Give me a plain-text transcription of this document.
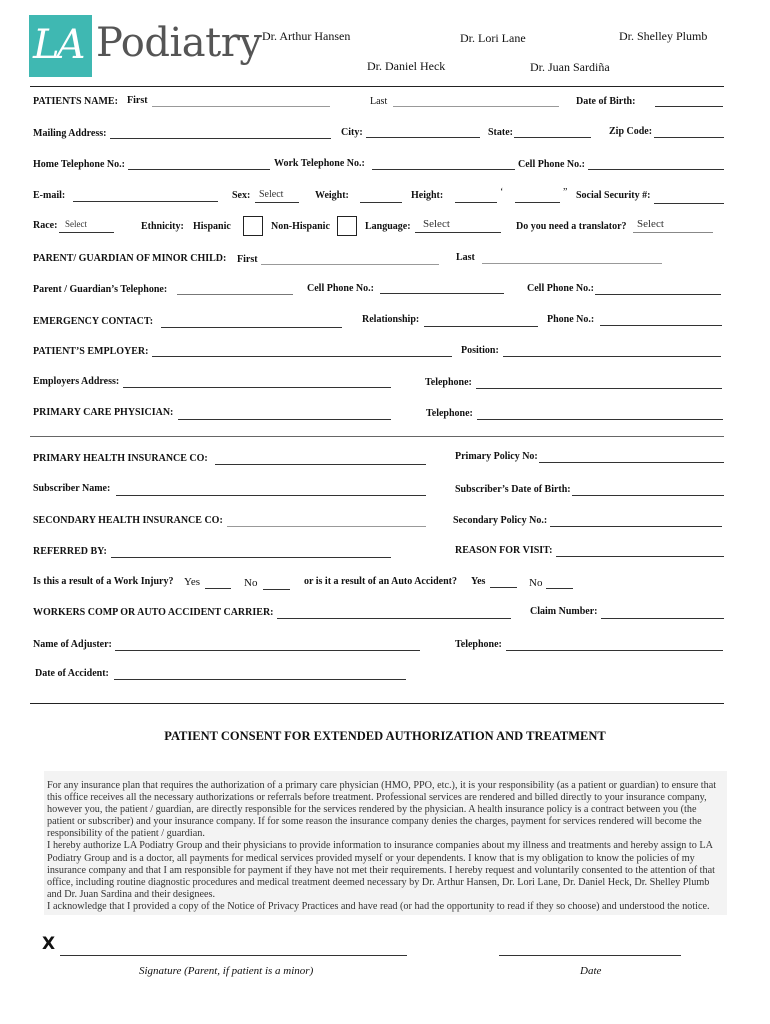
LA Podiatry Dr. Arthur Hansen	Dr. Lori Lane	Dr. Shelley Plumb
Dr. Daniel Heck	Dr. Juan Sardiña
PATIENTS NAME: First	Last	Date of Birth:
Mailing Address:	City:	State:	Zip Code:
Home Telephone No.:	Work Telephone No.:	Cell Phone No.:
E-mail:	Sex: Select	Weight:	Height:	‘	” Social Security #:
Race: Select	Ethnicity: Hispanic	Non-Hispanic	Language: Select	Do you need a translator? Select
PARENT/ GUARDIAN OF MINOR CHILD: First	Last
Parent / Guardian’s Telephone:	Cell Phone No.:	Cell Phone No.:
EMERGENCY CONTACT:	Relationship:	Phone No.:
PATIENT’S EMPLOYER:	Position:
Employers Address:	Telephone:
PRIMARY CARE PHYSICIAN:	Telephone:
PRIMARY HEALTH INSURANCE CO:	Primary Policy No:
Subscriber Name:	Subscriber’s Date of Birth:
SECONDARY HEALTH INSURANCE CO:	Secondary Policy No.:
REFERRED BY:	REASON FOR VISIT:
Is this a result of a Work Injury? Yes	No	or is it a result of an Auto Accident? Yes	No
WORKERS COMP OR AUTO ACCIDENT CARRIER:	Claim Number:
Name of Adjuster:	Telephone:
Date of Accident:
PATIENT CONSENT FOR EXTENDED AUTHORIZATION AND TREATMENT

For any insurance plan that requires the authorization of a primary care physician (HMO, PPO, etc.), it is your responsibility (as a patient or guardian) to ensure that this office receives all the necessary authorizations or referrals before treatment. Professional services are rendered and billed directly to your insurance company, however you, the patient / guardian, are directly responsible for the services rendered by the physician. A health insurance policy is a contract between you (the patient or subscriber) and your insurance company. If for some reason the insurance company denies the charges, payment for services rendered will become the responsibility of the patient / guardian.

I hereby authorize LA Podiatry Group and their physicians to provide information to insurance companies about my illness and treatments and hereby assign to LA Podiatry Group and is a doctor, all payments for medical services provided myself or your dependents. I know that is my obligation to know the policies of my insurance company and that I am responsible for payment if they have not met their requirements. I hereby request and voluntarily consented to the attention of that office, including routine diagnostic procedures and medical treatment deemed necessary by Dr. Arthur Hansen, Dr. Lori Lane, Dr. Daniel Heck, Dr. Shelley Plumb and Dr. Juan Sardina and their designees.

I acknowledge that I provided a copy of the Notice of Privacy Practices and have read (or had the opportunity to read if they so choose) and understood the notice.

X
Signature (Parent, if patient is a minor)	Date
